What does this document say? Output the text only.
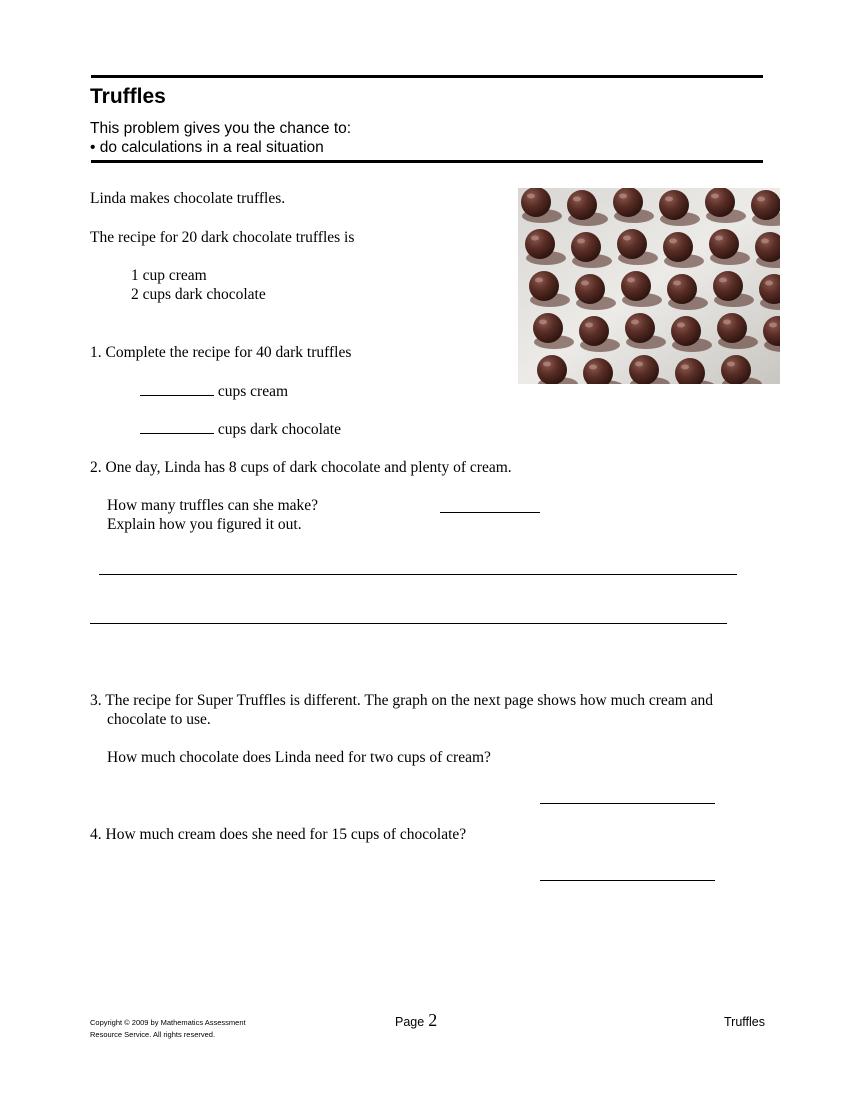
Truffles
This problem gives you the chance to:
• do calculations in a real situation
Linda makes chocolate truffles.
The recipe for 20 dark chocolate truffles is
1 cup cream
2 cups dark chocolate
1. Complete the recipe for 40 dark truffles
cups cream
cups dark chocolate
2. One day, Linda has 8 cups of dark chocolate and plenty of cream.
How many truffles can she make?
Explain how you figured it out.
3. The recipe for Super Truffles is different. The graph on the next page shows how much cream and
chocolate to use.
How much chocolate does Linda need for two cups of cream?
4. How much cream does she need for 15 cups of chocolate?
Copyright © 2009 by Mathematics Assessment
Resource Service. All rights reserved.
Page 2	Truffles
